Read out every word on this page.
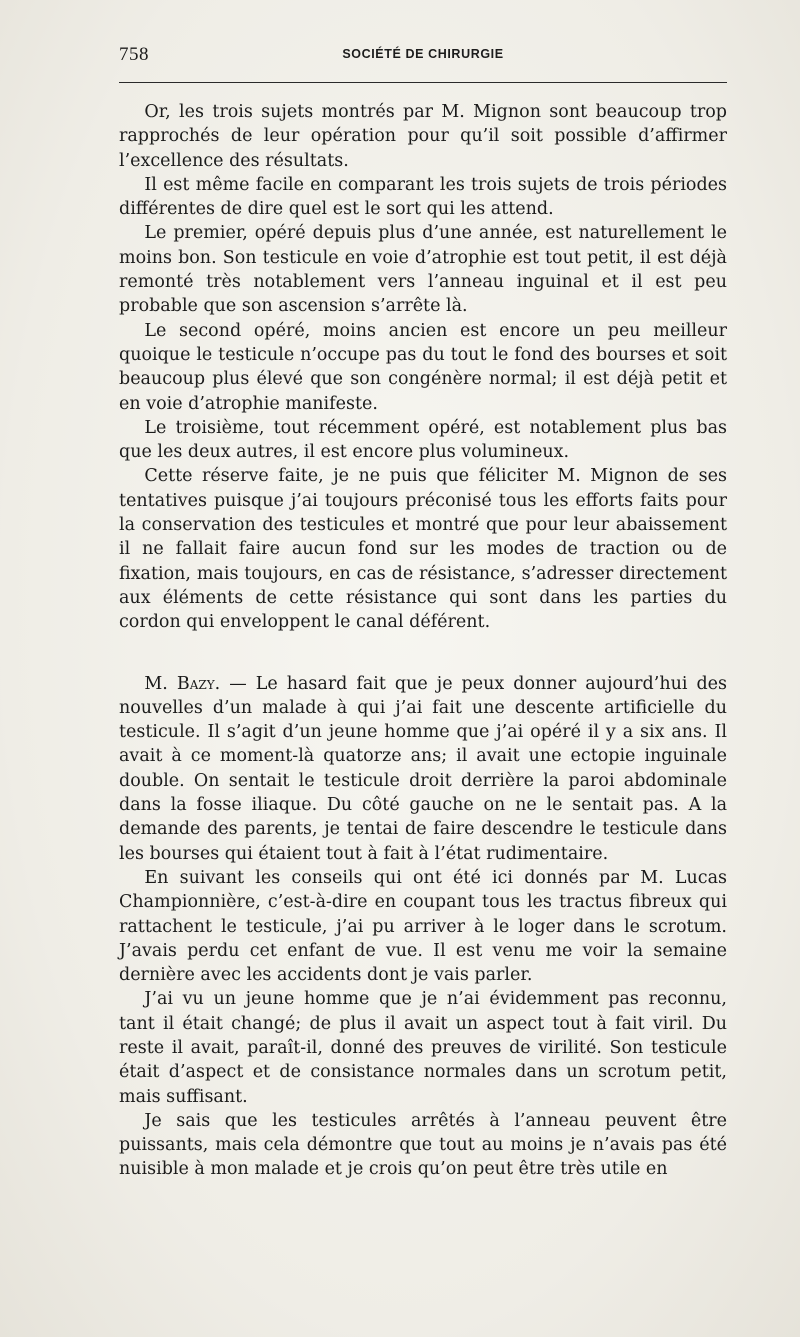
758	SOCIÉTÉ DE CHIRURGIE

Or, les trois sujets montrés par M. Mignon sont beaucoup trop rapprochés de leur opération pour qu’il soit possible d’affirmer l’excellence des résultats.

Il est même facile en comparant les trois sujets de trois périodes différentes de dire quel est le sort qui les attend.

Le premier, opéré depuis plus d’une année, est naturellement le moins bon. Son testicule en voie d’atrophie est tout petit, il est déjà remonté très notablement vers l’anneau inguinal et il est peu probable que son ascension s’arrête là.

Le second opéré, moins ancien est encore un peu meilleur quoique le testicule n’occupe pas du tout le fond des bourses et soit beaucoup plus élevé que son congénère normal; il est déjà petit et en voie d’atrophie manifeste.

Le troisième, tout récemment opéré, est notablement plus bas que les deux autres, il est encore plus volumineux.

Cette réserve faite, je ne puis que féliciter M. Mignon de ses tentatives puisque j’ai toujours préconisé tous les efforts faits pour la conservation des testicules et montré que pour leur abaissement il ne fallait faire aucun fond sur les modes de traction ou de fixation, mais toujours, en cas de résistance, s’adresser directement aux éléments de cette résistance qui sont dans les parties du cordon qui enveloppent le canal déférent.

M. Bazy. — Le hasard fait que je peux donner aujourd’hui des nouvelles d’un malade à qui j’ai fait une descente artificielle du testicule. Il s’agit d’un jeune homme que j’ai opéré il y a six ans. Il avait à ce moment-là quatorze ans; il avait une ectopie inguinale double. On sentait le testicule droit derrière la paroi abdominale dans la fosse iliaque. Du côté gauche on ne le sentait pas. A la demande des parents, je tentai de faire descendre le testicule dans les bourses qui étaient tout à fait à l’état rudimentaire.

En suivant les conseils qui ont été ici donnés par M. Lucas Championnière, c’est-à-dire en coupant tous les tractus fibreux qui rattachent le testicule, j’ai pu arriver à le loger dans le scrotum. J’avais perdu cet enfant de vue. Il est venu me voir la semaine dernière avec les accidents dont je vais parler.

J’ai vu un jeune homme que je n’ai évidemment pas reconnu, tant il était changé; de plus il avait un aspect tout à fait viril. Du reste il avait, paraît-il, donné des preuves de virilité. Son testicule était d’aspect et de consistance normales dans un scrotum petit, mais suffisant.

Je sais que les testicules arrêtés à l’anneau peuvent être puissants, mais cela démontre que tout au moins je n’avais pas été nuisible à mon malade et je crois qu’on peut être très utile en
